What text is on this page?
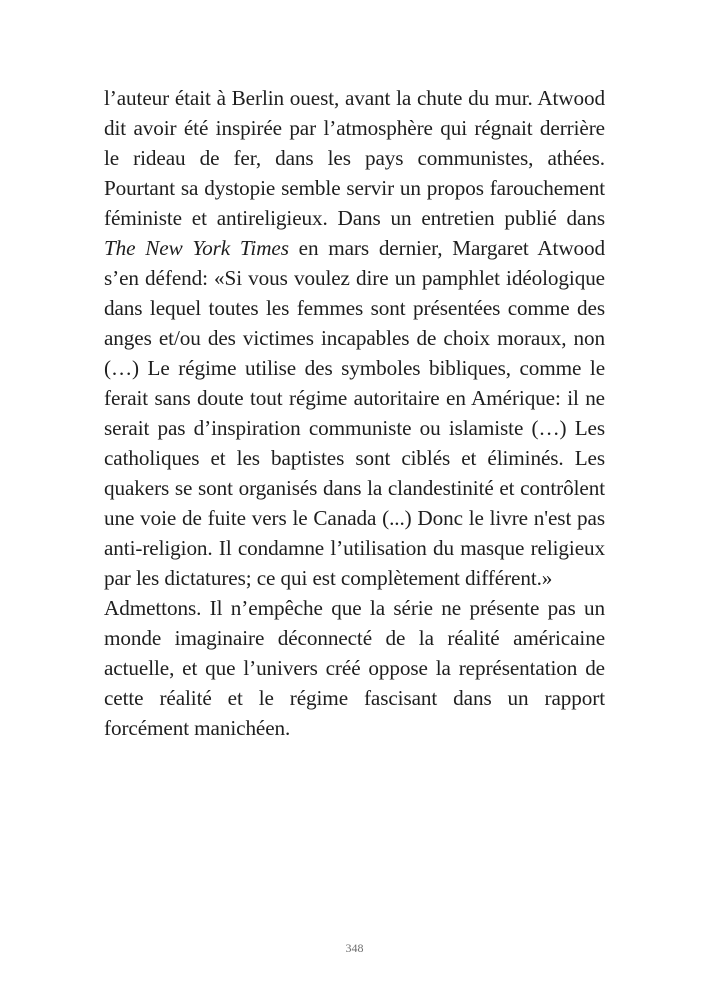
l’auteur était à Berlin ouest, avant la chute du mur. Atwood dit avoir été inspirée par l’atmosphère qui régnait derrière le rideau de fer, dans les pays communistes, athées. Pourtant sa dystopie semble servir un propos farouchement féministe et antireligieux. Dans un entretien publié dans The New York Times en mars dernier, Margaret Atwood s’en défend: «Si vous voulez dire un pamphlet idéologique dans lequel toutes les femmes sont présentées comme des anges et/ou des victimes incapables de choix moraux, non (…) Le régime utilise des symboles bibliques, comme le ferait sans doute tout régime autoritaire en Amérique: il ne serait pas d’inspiration communiste ou islamiste (…) Les catholiques et les baptistes sont ciblés et éliminés. Les quakers se sont organisés dans la clandestinité et contrôlent une voie de fuite vers le Canada (...) Donc le livre n'est pas anti-religion. Il condamne l’utilisation du masque religieux par les dictatures; ce qui est complètement différent.»

Admettons. Il n’empêche que la série ne présente pas un monde imaginaire déconnecté de la réalité américaine actuelle, et que l’univers créé oppose la représentation de cette réalité et le régime fascisant dans un rapport forcément manichéen.

348
